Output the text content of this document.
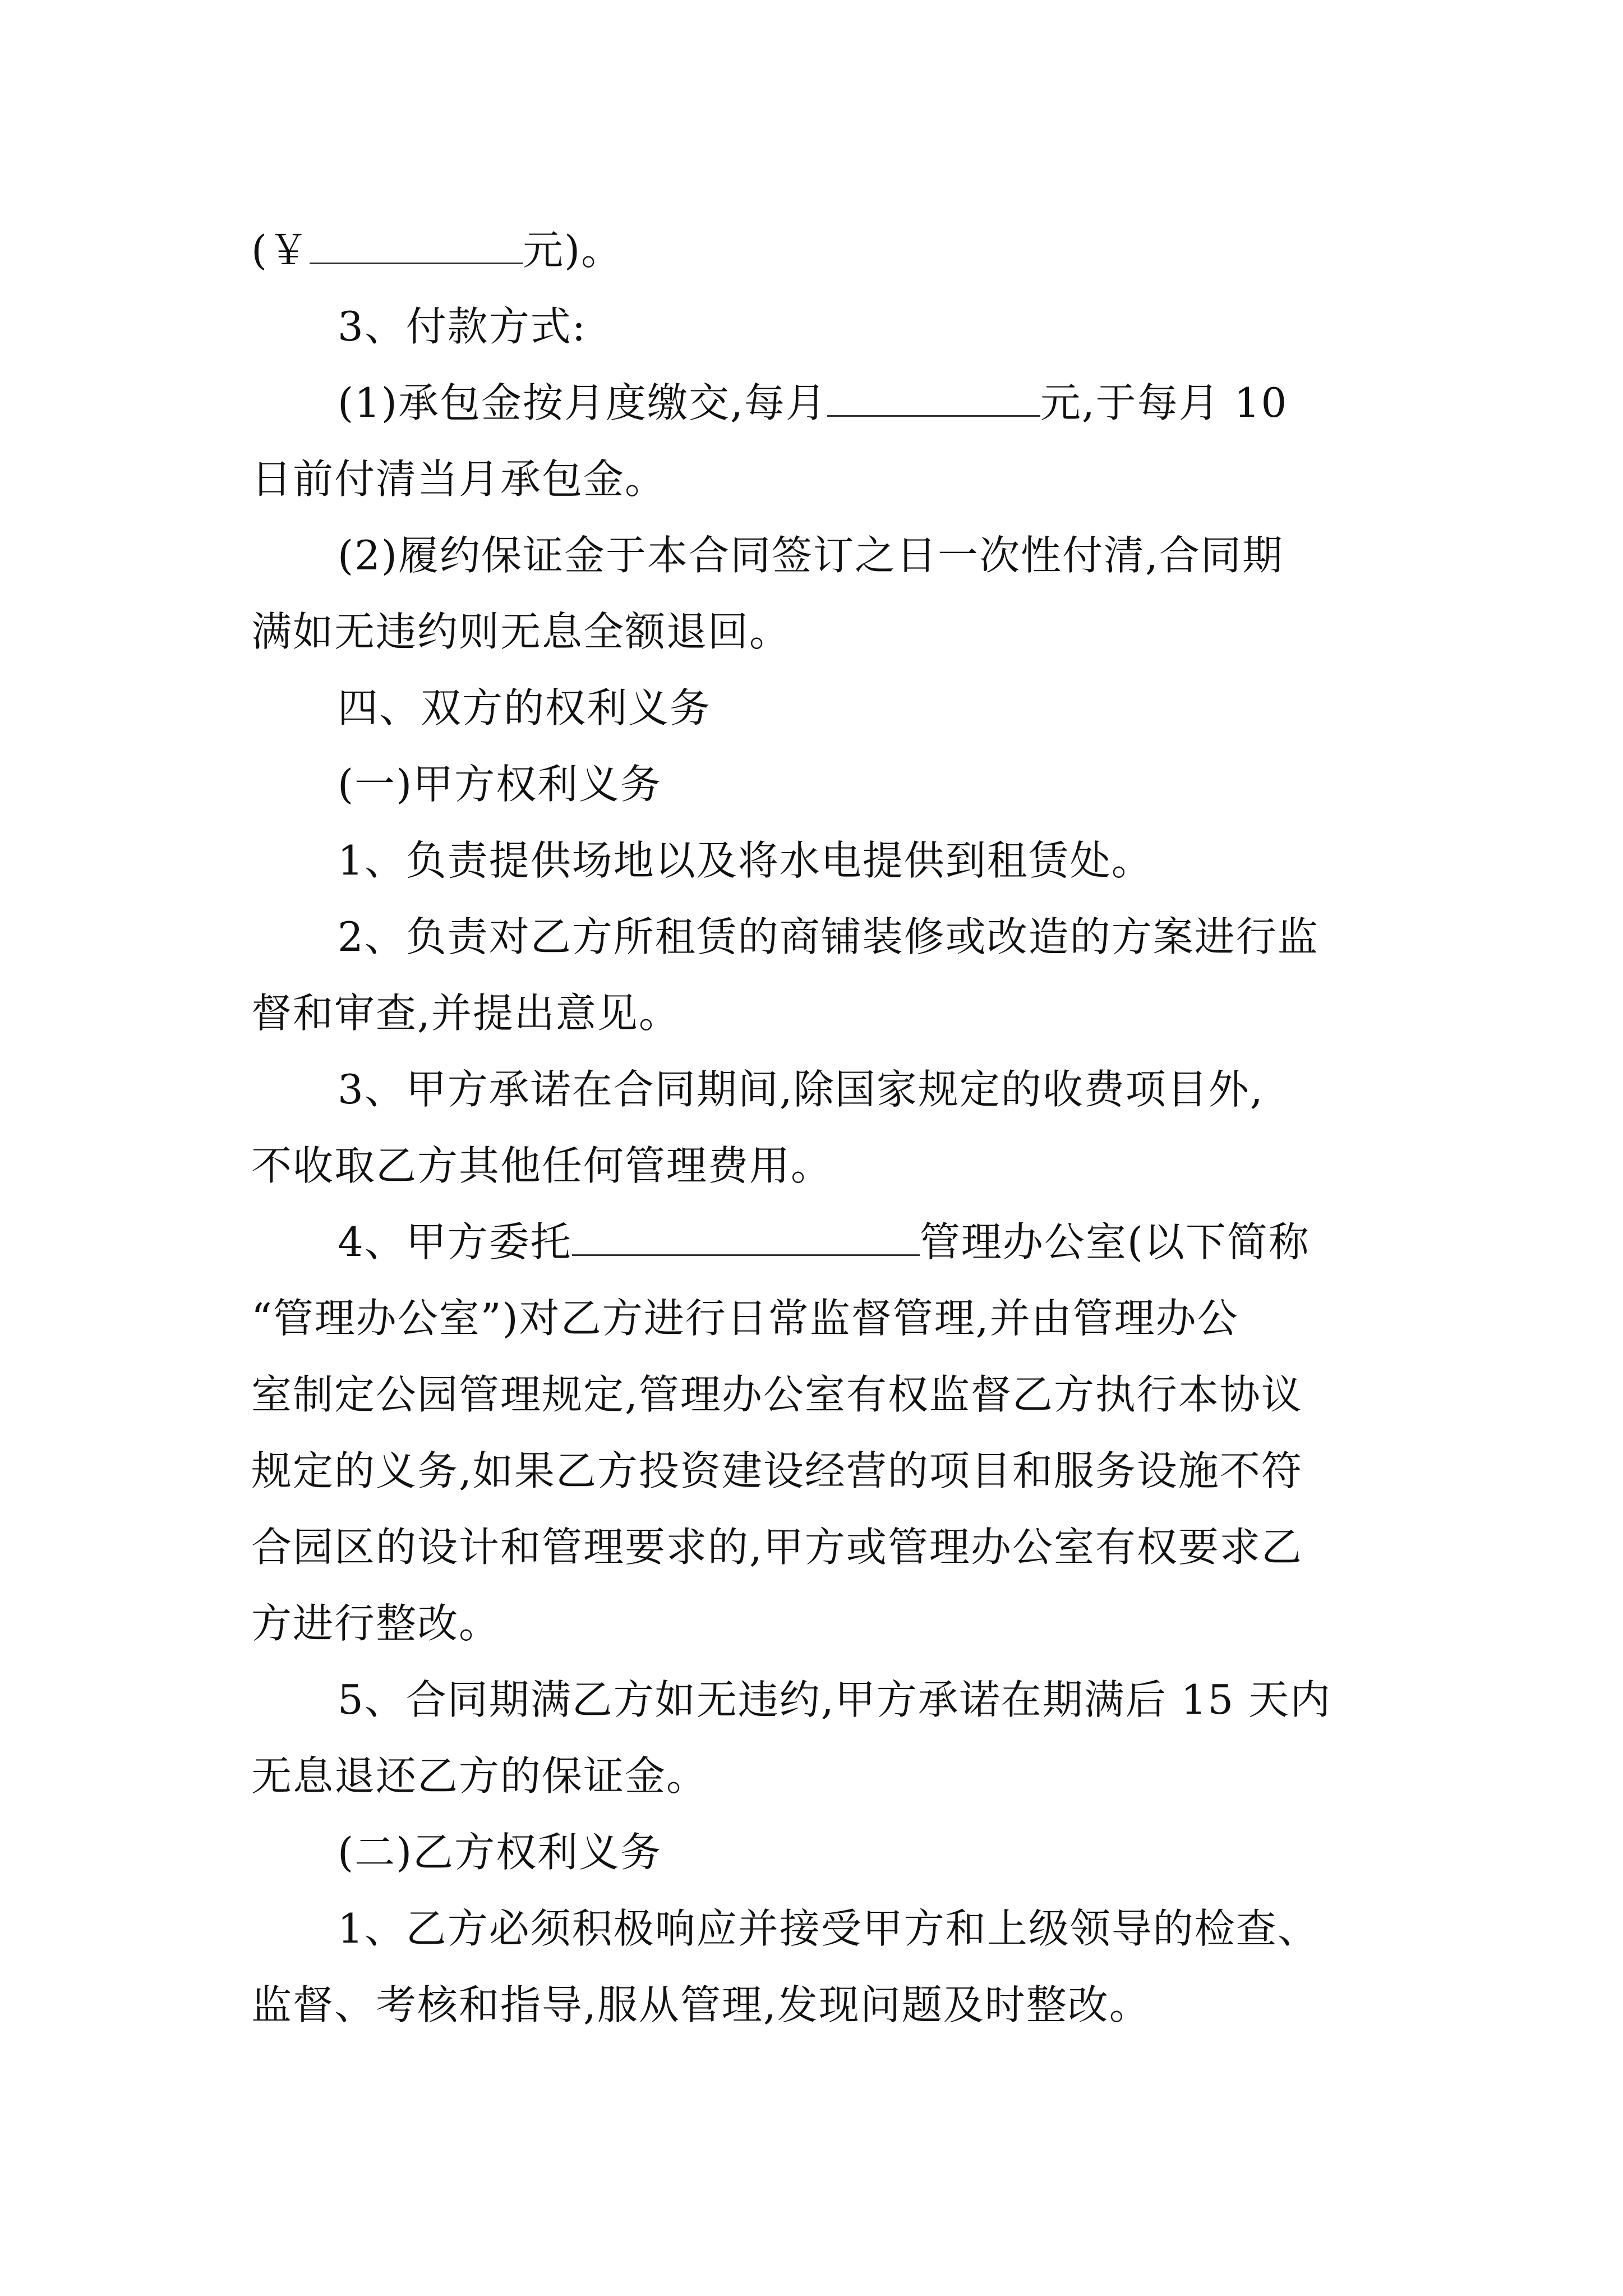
(￥	元)。
3、付款方式:
(1)承包金按月度缴交,每月	元,于每月 10
日前付清当月承包金。
(2)履约保证金于本合同签订之日一次性付清,合同期
满如无违约则无息全额退回。
四、双方的权利义务
(一)甲方权利义务
1、负责提供场地以及将水电提供到租赁处。
2、负责对乙方所租赁的商铺装修或改造的方案进行监
督和审查,并提出意见。
3、甲方承诺在合同期间,除国家规定的收费项目外,
不收取乙方其他任何管理费用。
4、甲方委托	管理办公室(以下简称
“管理办公室”)对乙方进行日常监督管理,并由管理办公
室制定公园管理规定,管理办公室有权监督乙方执行本协议
规定的义务,如果乙方投资建设经营的项目和服务设施不符
合园区的设计和管理要求的,甲方或管理办公室有权要求乙
方进行整改。
5、合同期满乙方如无违约,甲方承诺在期满后 15 天内
无息退还乙方的保证金。
(二)乙方权利义务
1、乙方必须积极响应并接受甲方和上级领导的检查、
监督、考核和指导,服从管理,发现问题及时整改。
